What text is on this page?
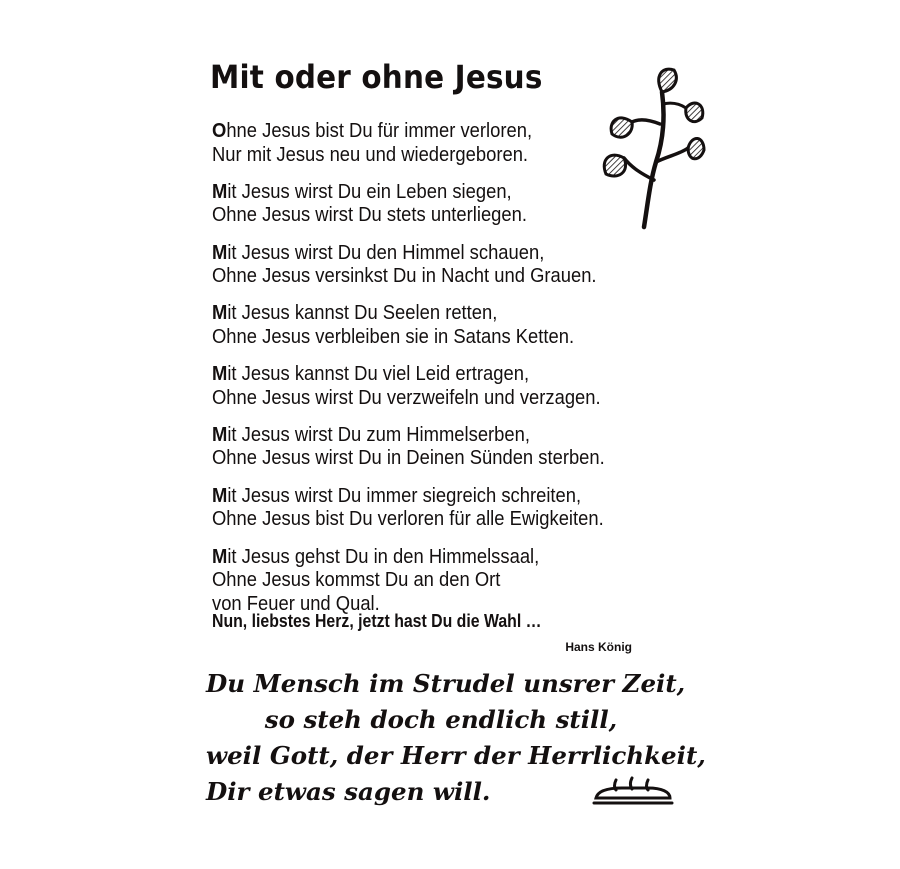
Mit oder ohne Jesus

Ohne Jesus bist Du für immer verloren,
Nur mit Jesus neu und wiedergeboren.

Mit Jesus wirst Du ein Leben siegen,
Ohne Jesus wirst Du stets unterliegen.

Mit Jesus wirst Du den Himmel schauen,
Ohne Jesus versinkst Du in Nacht und Grauen.

Mit Jesus kannst Du Seelen retten,
Ohne Jesus verbleiben sie in Satans Ketten.

Mit Jesus kannst Du viel Leid ertragen,
Ohne Jesus wirst Du verzweifeln und verzagen.

Mit Jesus wirst Du zum Himmelserben,
Ohne Jesus wirst Du in Deinen Sünden sterben.

Mit Jesus wirst Du immer siegreich schreiten,
Ohne Jesus bist Du verloren für alle Ewigkeiten.

Mit Jesus gehst Du in den Himmelssaal,
Ohne Jesus kommst Du an den Ort
von Feuer und Qual.

Nun, liebstes Herz, jetzt hast Du die Wahl …

Hans König

Du Mensch im Strudel unsrer Zeit,
so steh doch endlich still,
weil Gott, der Herr der Herrlichkeit,
Dir etwas sagen will.
